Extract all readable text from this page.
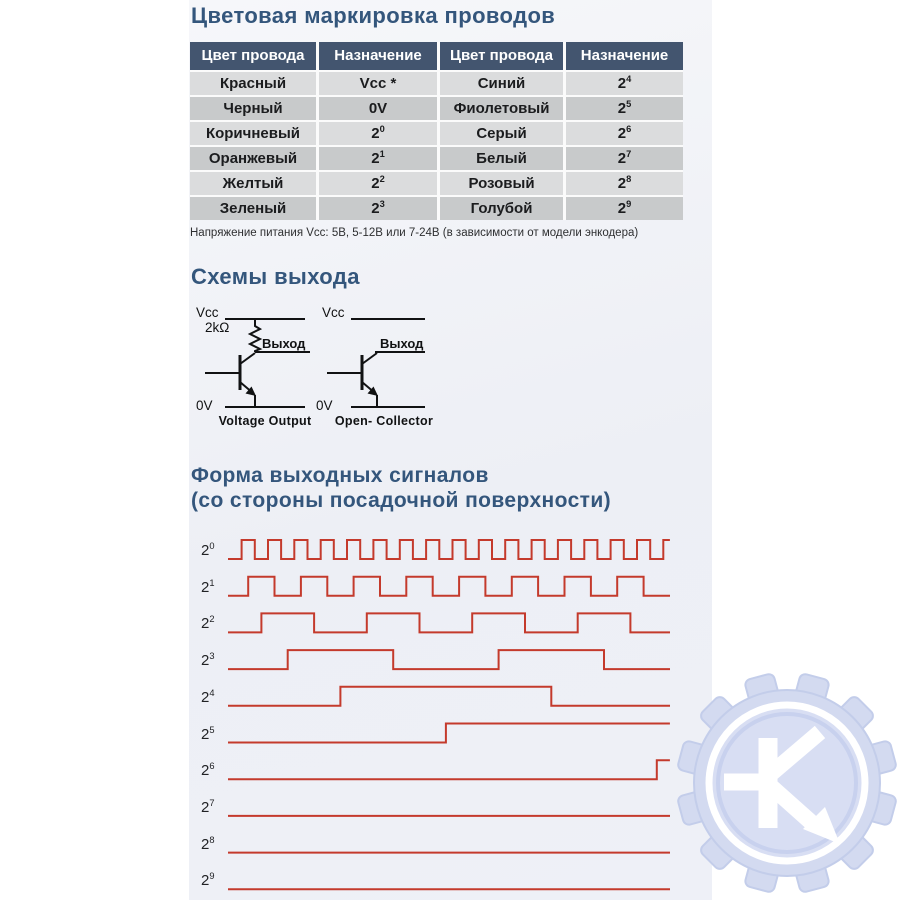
Цветовая маркировка проводов
Цвет провода	Назначение	Цвет провода	Назначение
Красный	Vcc *	Синий	$2^4$
Черный	0V	Фиолетовый	$2^5$
Коричневый	$2^0$	Серый	$2^6$
Оранжевый	$2^1$	Белый	$2^7$
Желтый	$2^2$	Розовый	$2^8$
Зеленый	$2^3$	Голубой	$2^9$
Напряжение питания Vcc: 5В, 5-12В или 7-24В (в зависимости от модели энкодера)
Схемы выхода
Vcc
2kΩ
Выход
0V
Voltage Output
Vcc
Выход
0V
Open- Collector
Форма выходных сигналов
(со стороны посадочной поверхности)
$2^0$
$2^1$
$2^2$
$2^3$
$2^4$
$2^5$
$2^6$
$2^7$
$2^8$
$2^9$
